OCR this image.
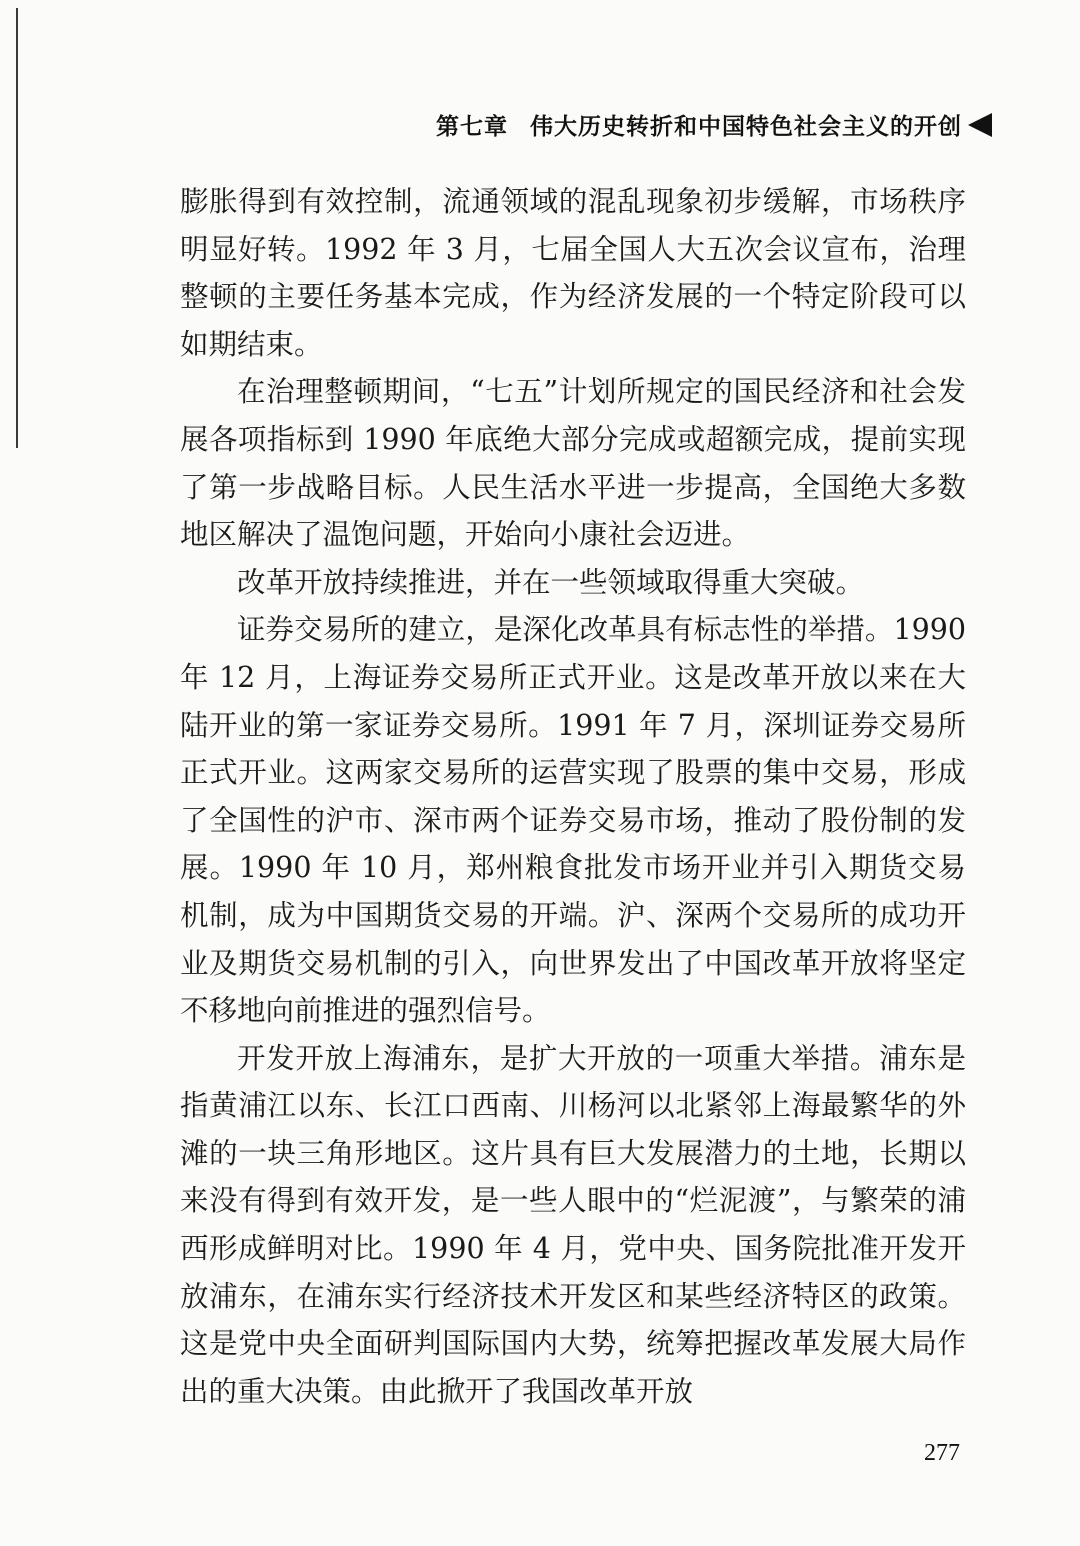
第七章 伟大历史转折和中国特色社会主义的开创

膨胀得到有效控制，流通领域的混乱现象初步缓解，市场秩序明显好转。1992 年 3 月，七届全国人大五次会议宣布，治理整顿的主要任务基本完成，作为经济发展的一个特定阶段可以如期结束。

在治理整顿期间，“七五”计划所规定的国民经济和社会发展各项指标到 1990 年底绝大部分完成或超额完成，提前实现了第一步战略目标。人民生活水平进一步提高，全国绝大多数地区解决了温饱问题，开始向小康社会迈进。

改革开放持续推进，并在一些领域取得重大突破。

证券交易所的建立，是深化改革具有标志性的举措。1990 年 12 月，上海证券交易所正式开业。这是改革开放以来在大陆开业的第一家证券交易所。1991 年 7 月，深圳证券交易所正式开业。这两家交易所的运营实现了股票的集中交易，形成了全国性的沪市、深市两个证券交易市场，推动了股份制的发展。1990 年 10 月，郑州粮食批发市场开业并引入期货交易机制，成为中国期货交易的开端。沪、深两个交易所的成功开业及期货交易机制的引入，向世界发出了中国改革开放将坚定不移地向前推进的强烈信号。

开发开放上海浦东，是扩大开放的一项重大举措。浦东是指黄浦江以东、长江口西南、川杨河以北紧邻上海最繁华的外滩的一块三角形地区。这片具有巨大发展潜力的土地，长期以来没有得到有效开发，是一些人眼中的“烂泥渡”，与繁荣的浦西形成鲜明对比。1990 年 4 月，党中央、国务院批准开发开放浦东，在浦东实行经济技术开发区和某些经济特区的政策。这是党中央全面研判国际国内大势，统筹把握改革发展大局作出的重大决策。由此掀开了我国改革开放

277
